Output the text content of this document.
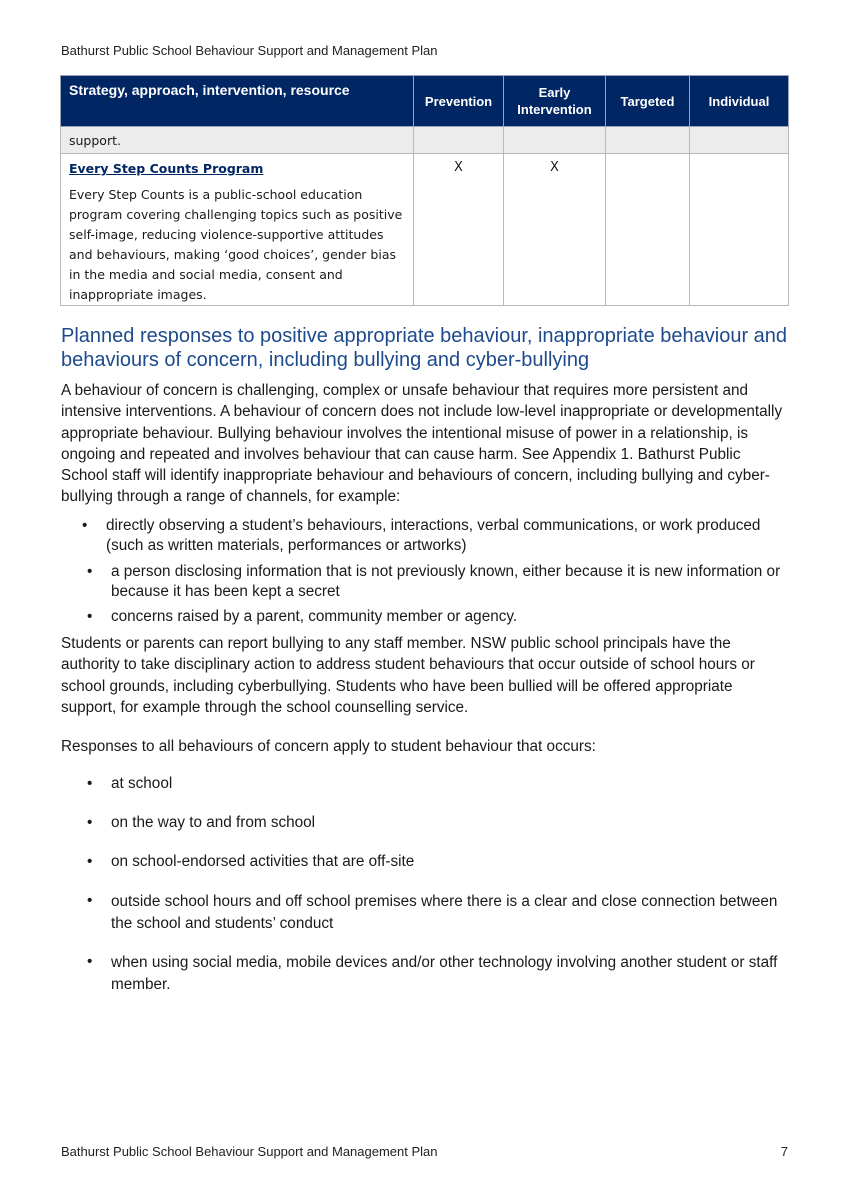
Bathurst Public School Behaviour Support and Management Plan
Strategy, approach, intervention, resource	Prevention	Early Intervention	Targeted	Individual
support.				
Every Step Counts Program

Every Step Counts is a public-school education program covering challenging topics such as positive self-image, reducing violence-supportive attitudes and behaviours, making ‘good choices’, gender bias in the media and social media, consent and inappropriate images.	X	X		
Planned responses to positive appropriate behaviour, inappropriate behaviour and behaviours of concern, including bullying and cyber-bullying

A behaviour of concern is challenging, complex or unsafe behaviour that requires more persistent and intensive interventions. A behaviour of concern does not include low-level inappropriate or developmentally appropriate behaviour. Bullying behaviour involves the intentional misuse of power in a relationship, is ongoing and repeated and involves behaviour that can cause harm. See Appendix 1. Bathurst Public School staff will identify inappropriate behaviour and behaviours of concern, including bullying and cyber-bullying through a range of channels, for example:

• directly observing a student’s behaviours, interactions, verbal communications, or work produced (such as written materials, performances or artworks)
• a person disclosing information that is not previously known, either because it is new information or because it has been kept a secret
• concerns raised by a parent, community member or agency.

Students or parents can report bullying to any staff member. NSW public school principals have the authority to take disciplinary action to address student behaviours that occur outside of school hours or school grounds, including cyberbullying. Students who have been bullied will be offered appropriate support, for example through the school counselling service.

Responses to all behaviours of concern apply to student behaviour that occurs:

• at school
• on the way to and from school
• on school-endorsed activities that are off-site
• outside school hours and off school premises where there is a clear and close connection between the school and students’ conduct
• when using social media, mobile devices and/or other technology involving another student or staff member.
Bathurst Public School Behaviour Support and Management Plan	7
